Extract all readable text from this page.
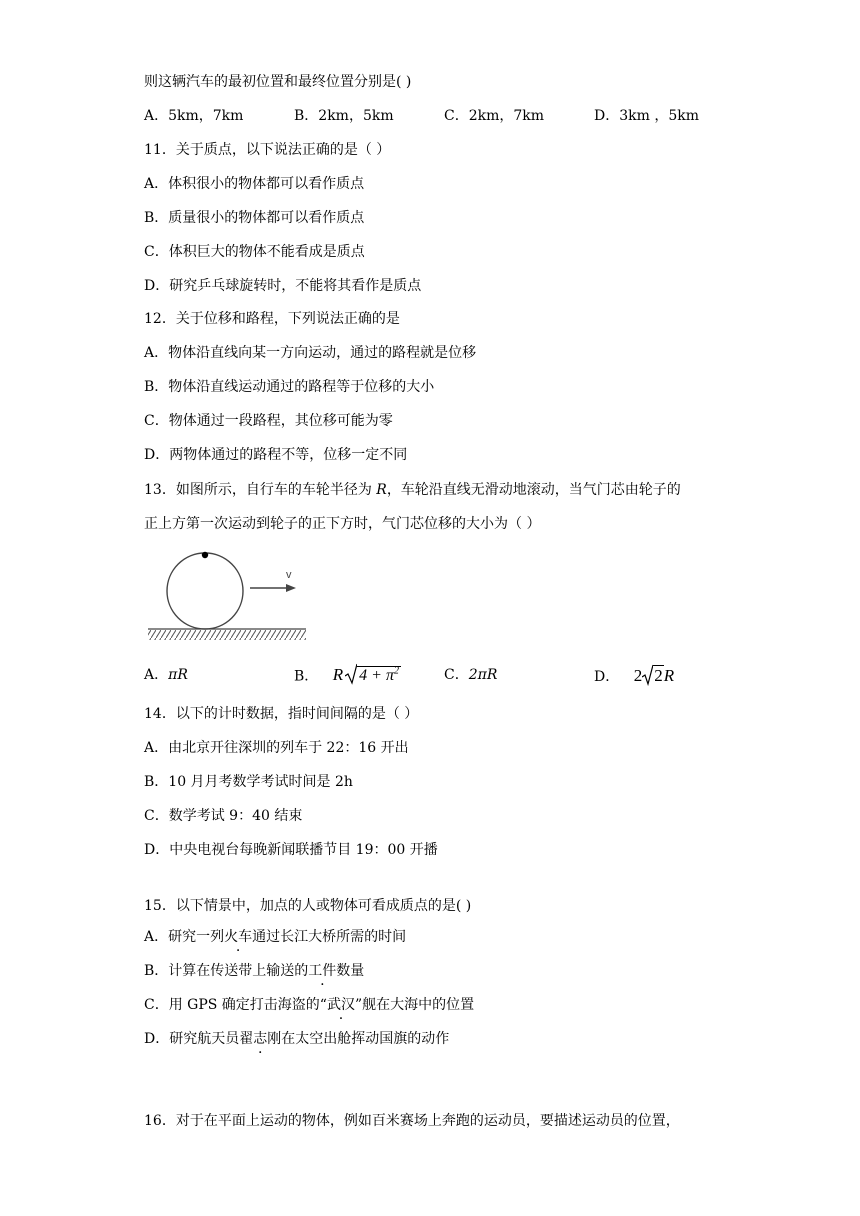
则这辆汽车的最初位置和最终位置分别是( )
A．5km，7km	B．2km，5km	C．2km，7km	D．3km ，5km
11．关于质点，以下说法正确的是（ ）
A．体积很小的物体都可以看作质点
B．质量很小的物体都可以看作质点
C．体积巨大的物体不能看成是质点
D．研究乒乓球旋转时，不能将其看作是质点
12．关于位移和路程，下列说法正确的是
A．物体沿直线向某一方向运动，通过的路程就是位移
B．物体沿直线运动通过的路程等于位移的大小
C．物体通过一段路程，其位移可能为零
D．两物体通过的路程不等，位移一定不同
13．如图所示，自行车的车轮半径为 R，车轮沿直线无滑动地滚动，当气门芯由轮子的
正上方第一次运动到轮子的正下方时，气门芯位移的大小为（ ）
v
A．πR	B． R $4 + \pi^2$	C．2πR	D． 2 2R
14．以下的计时数据，指时间间隔的是（ ）
A．由北京开往深圳的列车于 22：16 开出
B．10 月月考数学考试时间是 2h
C．数学考试 9：40 结束
D．中央电视台每晚新闻联播节目 19：00 开播
15．以下情景中，加点的人或物体可看成质点的是( )
A．研究一列火车通过长江大桥所需的时间
B．计算在传送带上输送的工件数量
C．用 GPS 确定打击海盗的“武汉”舰在大海中的位置
D．研究航天员翟志刚在太空出舱挥动国旗的动作
16．对于在平面上运动的物体，例如百米赛场上奔跑的运动员，要描述运动员的位置，
